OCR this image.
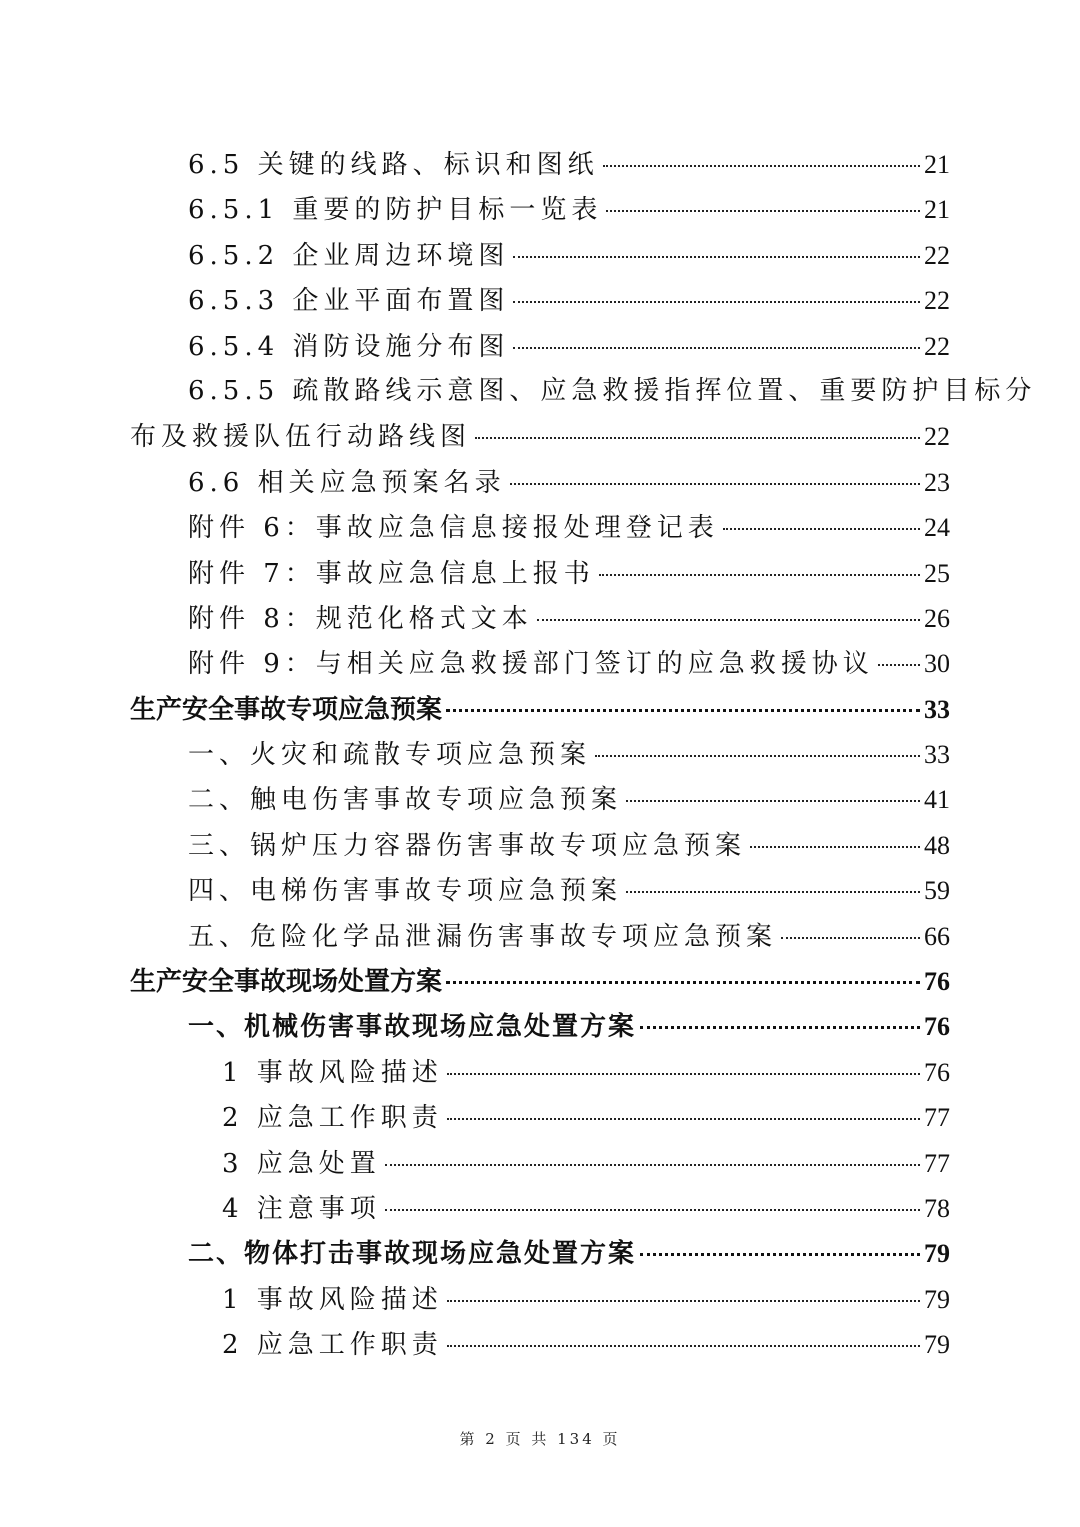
6.5 关键的线路、标识和图纸	21
6.5.1 重要的防护目标一览表	21
6.5.2 企业周边环境图	22
6.5.3 企业平面布置图	22
6.5.4 消防设施分布图	22
6.5.5 疏散路线示意图、应急救援指挥位置、重要防护目标分
布及救援队伍行动路线图	22
6.6 相关应急预案名录	23
附件 6：事故应急信息接报处理登记表	24
附件 7：事故应急信息上报书	25
附件 8：规范化格式文本	26
附件 9：与相关应急救援部门签订的应急救援协议 30
生产安全事故专项应急预案	33
一、火灾和疏散专项应急预案	33
二、触电伤害事故专项应急预案	41
三、锅炉压力容器伤害事故专项应急预案	48
四、电梯伤害事故专项应急预案	59
五、危险化学品泄漏伤害事故专项应急预案	66
生产安全事故现场处置方案	76
一、机械伤害事故现场应急处置方案	76
1 事故风险描述	76
2 应急工作职责	77
3 应急处置	77
4 注意事项	78
二、物体打击事故现场应急处置方案	79
1 事故风险描述	79
2 应急工作职责	79
第 2 页 共 134 页
